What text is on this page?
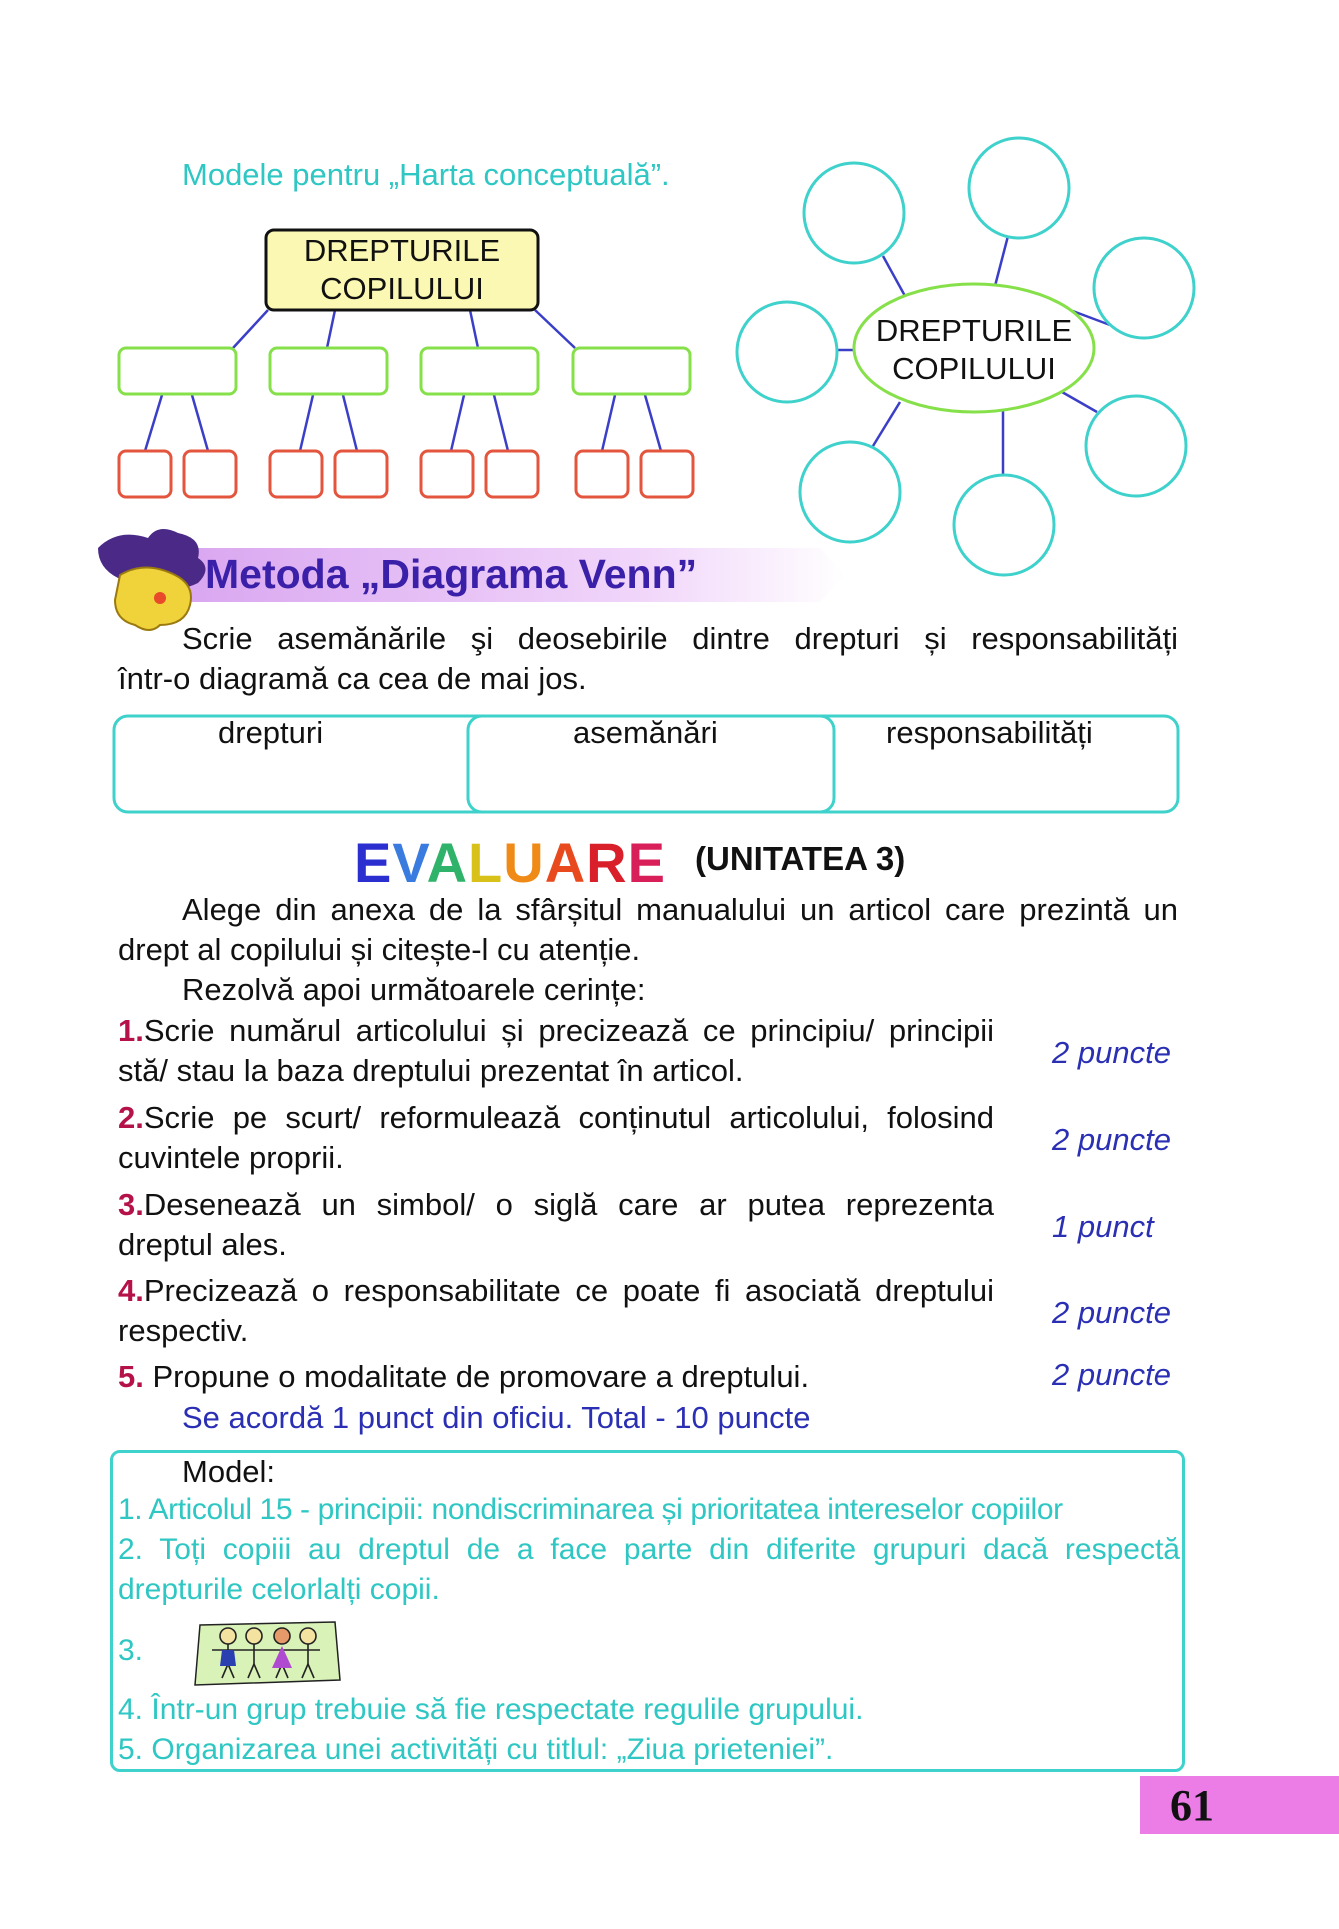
Modele pentru „Harta conceptuală”.
DREPTURILE
COPILULUI
DREPTURILE
COPILULUI
Metoda „Diagrama Venn”
Scrie asemănările şi deosebirile dintre drepturi și responsabilități
într-o diagramă ca cea de mai jos.
drepturi	asemănări	responsabilități
EVALUARE (UNITATEA 3)
Alege din anexa de la sfârșitul manualului un articol care prezintă un
drept al copilului și citește-l cu atenție.
Rezolvă apoi următoarele cerințe:
1.Scrie numărul articolului și precizează ce principiu/ principii
stă/ stau la baza dreptului prezentat în articol.
2 puncte
2.Scrie pe scurt/ reformulează conținutul articolului, folosind
cuvintele proprii.
2 puncte
3.Desenează un simbol/ o siglă care ar putea reprezenta
dreptul ales.
1 punct
4.Precizează o responsabilitate ce poate fi asociată dreptului
respectiv.
2 puncte
5. Propune o modalitate de promovare a dreptului.	2 puncte
Se acordă 1 punct din oficiu. Total - 10 puncte
Model:
1. Articolul 15 - principii: nondiscriminarea și prioritatea intereselor copiilor
2. Toți copiii au dreptul de a face parte din diferite grupuri dacă respectă
drepturile celorlalți copii.
3.
4. Într-un grup trebuie să fie respectate regulile grupului.
5. Organizarea unei activități cu titlul: „Ziua prieteniei”.
61
